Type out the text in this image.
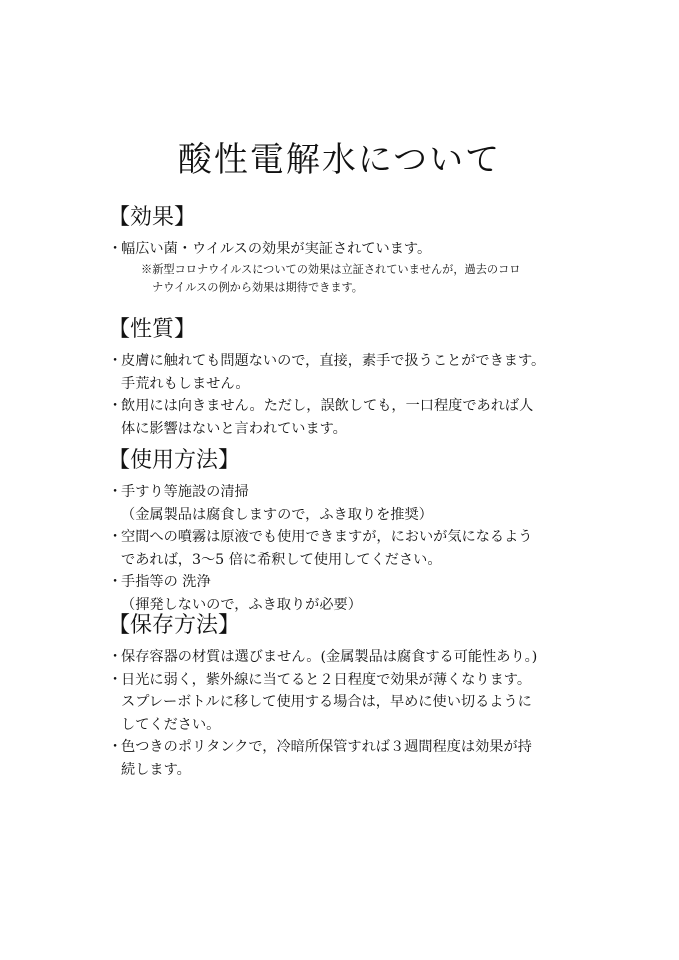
酸性電解水について
【効果】
・
幅広い菌・ウイルスの効果が実証されています。
※新型コロナウイルスについての効果は立証されていませんが，過去のコロ
ナウイルスの例から効果は期待できます。
【性質】
・
皮膚に触れても問題ないので，直接，素手で扱うことができます。
手荒れもしません。
・
飲用には向きません。ただし，誤飲しても，一口程度であれば人
体に影響はないと言われています。
【使用方法】
・
手すり等施設の清掃
（金属製品は腐食しますので，ふき取りを推奨）
・
空間への噴霧は原液でも使用できますが，においが気になるよう
であれば，3〜5 倍に希釈して使用してください。
・
手指等の 洗浄
（揮発しないので，ふき取りが必要）
【保存方法】
・
保存容器の材質は選びません。(金属製品は腐食する可能性あり。)
・
日光に弱く，紫外線に当てると２日程度で効果が薄くなります。
スプレーボトルに移して使用する場合は，早めに使い切るように
してください。
・
色つきのポリタンクで，冷暗所保管すれば３週間程度は効果が持
続します。
